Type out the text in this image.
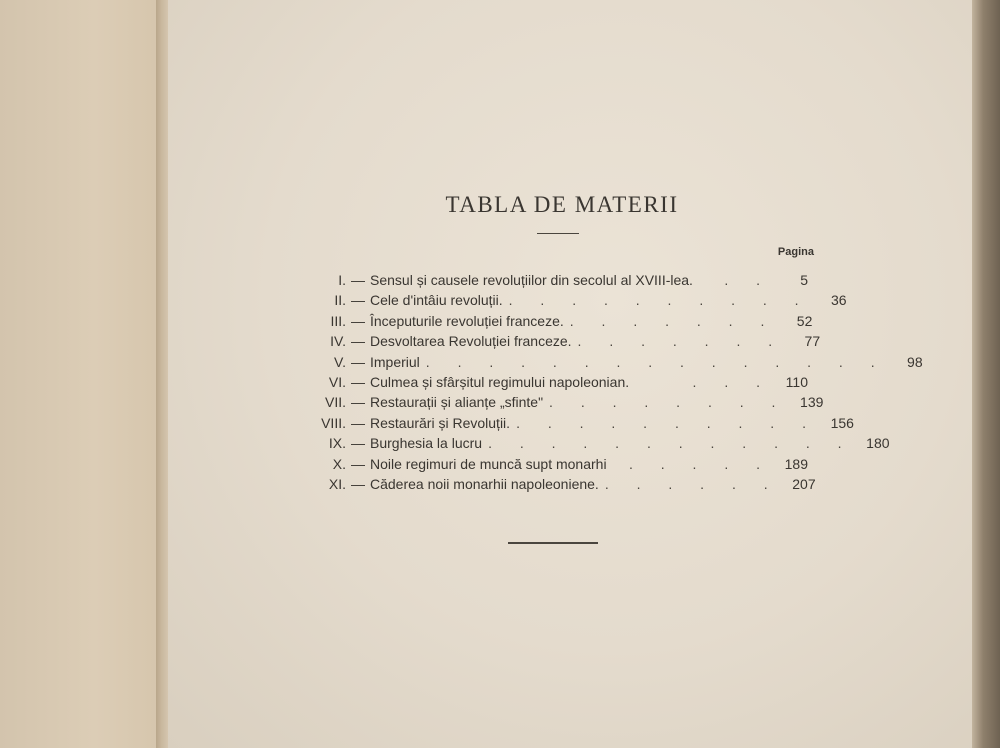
TABLA DE MATERII
Pagina
I. — Sensul și causele revoluțiilor din secolul al XVIII-lea.	. .	5
II. — Cele d'intâiu revoluții. . . . . . . . . . .	36
III. — Începuturile revoluției franceze. . . . . . . .	52
IV. — Desvoltarea Revoluției franceze. . . . . . . .	77
V. — Imperiul . . . . . . . . . . . . . . .	98
VI. — Culmea și sfârșitul regimului napoleonian.	. . . 110
VII. — Restaurații și alianțe „sfinte" . . . . . . . . 139
VIII. — Restaurări și Revoluții. . . . . . . . . . . 156
IX. — Burghesia la lucru . . . . . . . . . . . . 180
X. — Noile regimuri de muncă supt monarhi	. . . . . 189
XI. — Căderea noii monarhii napoleoniene. . . . . . . 207
